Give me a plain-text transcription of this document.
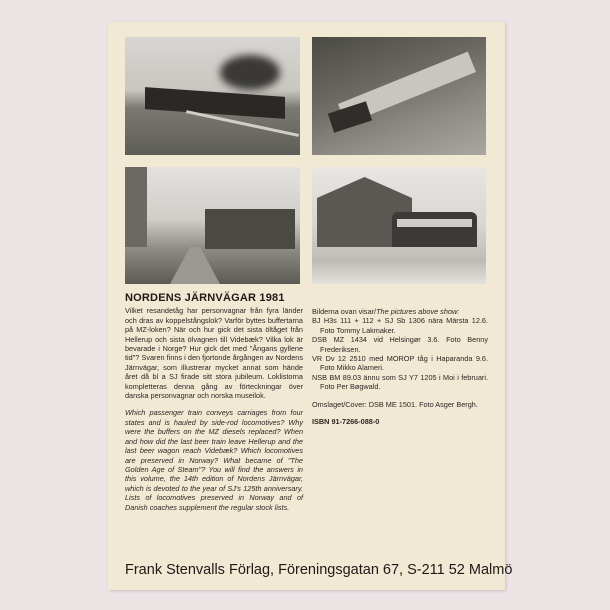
NORDENS JÄRNVÄGAR 1981

Vilket resandetåg har personvagnar från fyra länder och dras av koppelstångslok? Varför byttes buffertarna på MZ-loken? När och hur gick det sista öltåget från Hellerup och sista ölvagnen till Videbæk? Vilka lok är bevarade i Norge? Hur gick det med "Ångans gyllene tid"? Svaren finns i den fjortonde årgången av Nordens Järnvägar, som illustrerar mycket annat som hände året då bl a SJ firade sitt stora jubileum. Loklistorna kompletteras denna gång av förteckningar över danska personvagnar och norska museilok.

Which passenger train conveys carriages from four states and is hauled by side-rod locomotives? Why were the buffers on the MZ diesels replaced? When and how did the last beer train leave Hellerup and the last beer wagon reach Videbæk? Which locomotives are preserved in Norway? What became of "The Golden Age of Steam"? You will find the answers in this volume, the 14th edition of Nordens Järnvägar, which is devoted to the year of SJ's 125th anniversary. Lists of locomotives preserved in Norway and of Danish coaches supplement the regular stock lists.

Bilderna ovan visar/The pictures above show:

BJ H3s 111 + 112 + SJ Sb 1306 nära Märsta 12.6. Foto Tommy Lakmaker.

DSB MZ 1434 vid Helsingør 3.6. Foto Benny Frederiksen.

VR Dv 12 2510 med MOROP tåg i Haparanda 9.6. Foto Mikko Alameri.

NSB BM 89.03 ännu som SJ Y7 1205 i Moi i februari. Foto Per Bøgwald.

Omslaget/Cover: DSB ME 1501. Foto Asger Bergh.

ISBN 91-7266-088-0

Frank Stenvalls Förlag, Föreningsgatan 67, S-211 52 Malmö
